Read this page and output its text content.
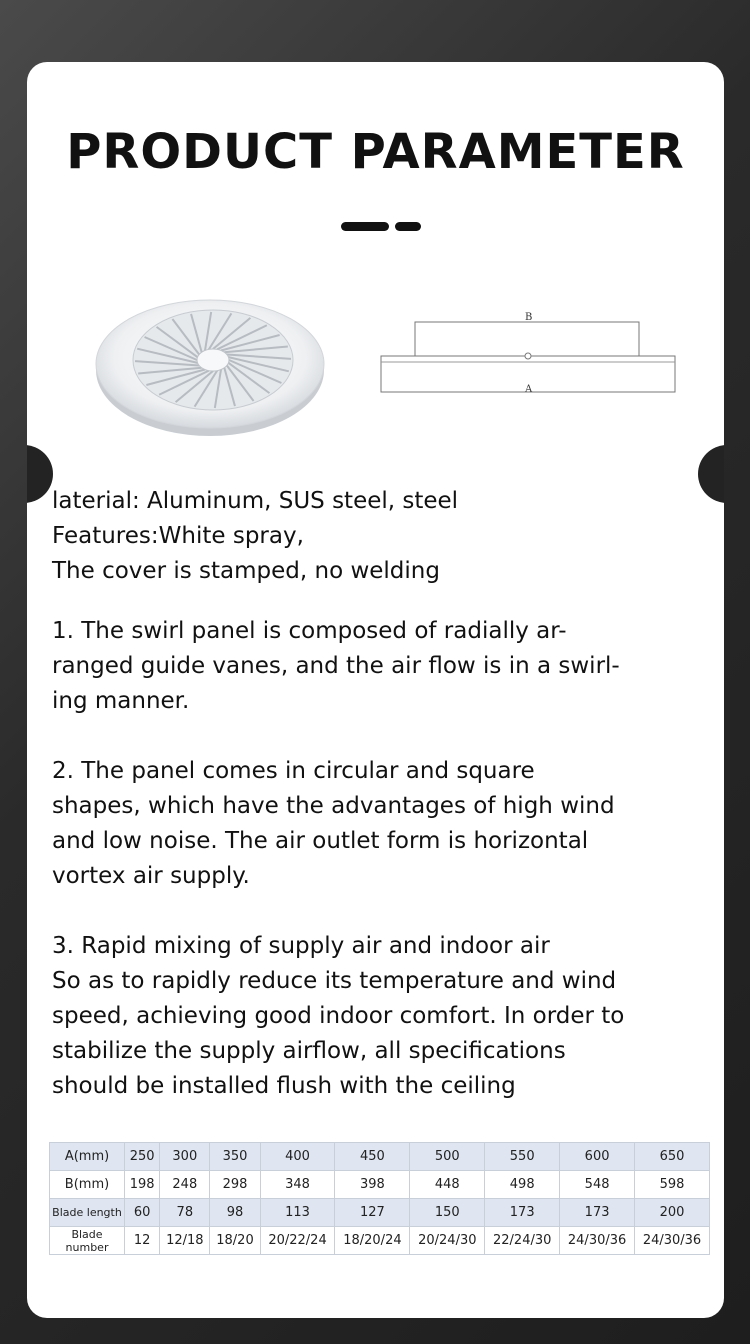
PRODUCT PARAMETER
B
A

laterial: Aluminum, SUS steel, steel

Features:White spray,

The cover is stamped, no welding

1. The swirl panel is composed of radially ar-
ranged guide vanes, and the air flow is in a swirl-
ing manner.

2. The panel comes in circular and square
shapes, which have the advantages of high wind
and low noise. The air outlet form is horizontal
vortex air supply.

3. Rapid mixing of supply air and indoor air
So as to rapidly reduce its temperature and wind
speed, achieving good indoor comfort. In order to
stabilize the supply airflow, all specifications
should be installed flush with the ceiling

A(mm)	250	300	350	400	450	500	550	600	650
B(mm)	198	248	298	348	398	448	498	548	598
Blade length	60	78	98	113	127	150	173	173	200
Blade number	12	12/18	18/20	20/22/24	18/20/24	20/24/30	22/24/30	24/30/36	24/30/36
